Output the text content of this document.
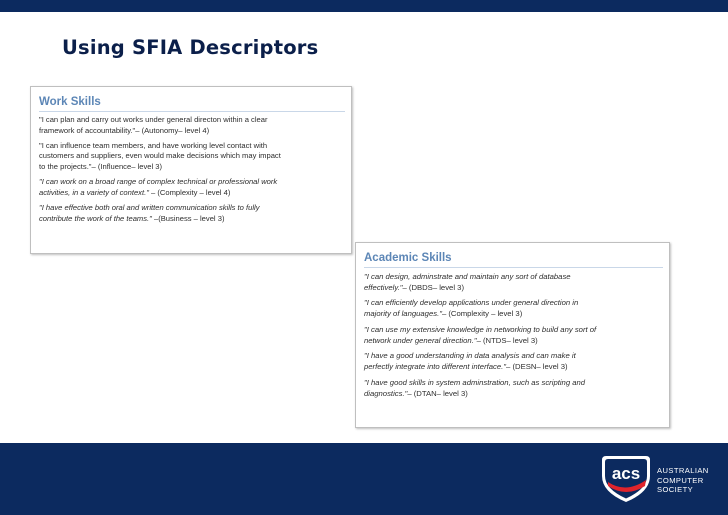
Using SFIA Descriptors
Work Skills
"I can plan and carry out works under general directon within a clear
framework of accountability."– (Autonomy– level 4)
"I can influence team members, and have working level contact with
customers and suppliers, even would make decisions which may impact
to the projects."– (Influence– level 3)
"I can work on a broad range of complex technical or professional work
activities, in a variety of context." – (Complexity – level 4)
"I have effective both oral and written communication skills to fully
contribute the work of the teams." –(Business – level 3)
Academic Skills
"I can design, adminstrate and maintain any sort of database
effectively."– (DBDS– level 3)
"I can efficiently develop applications under general direction in
majority of languages."– (Complexity – level 3)
"I can use my extensive knowledge in networking to build any sort of
network under general direction."– (NTDS– level 3)
"I have a good understanding in data analysis and can make it
perfectly integrate into different interface."– (DESN– level 3)
"I have good skills in system adminstration, such as scripting and
diagnostics."– (DTAN– level 3)
acs AUSTRALIAN
COMPUTER
SOCIETY
